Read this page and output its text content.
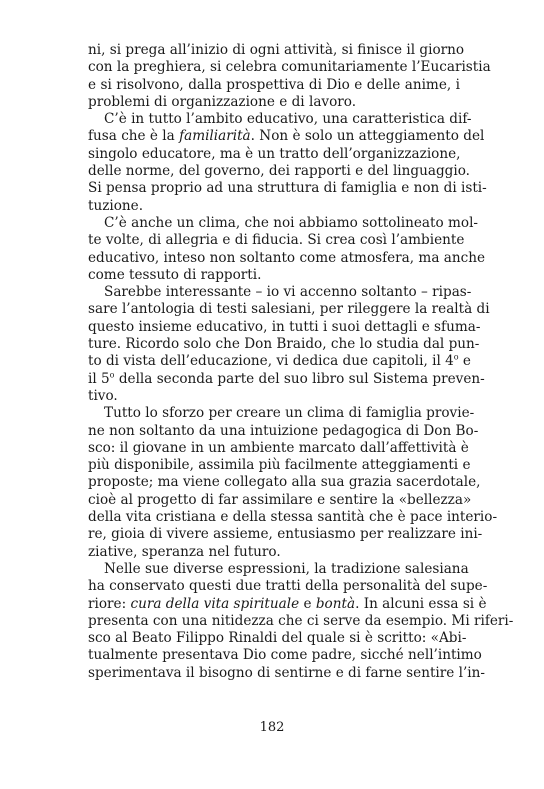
ni, si prega all’inizio di ogni attività, si finisce il giorno
con la preghiera, si celebra comunitariamente l’Eucaristia
e si risolvono, dalla prospettiva di Dio e delle anime, i
problemi di organizzazione e di lavoro.
C’è in tutto l’ambito educativo, una caratteristica dif-
fusa che è la familiarità. Non è solo un atteggiamento del
singolo educatore, ma è un tratto dell’organizzazione,
delle norme, del governo, dei rapporti e del linguaggio.
Si pensa proprio ad una struttura di famiglia e non di isti-
tuzione.
C’è anche un clima, che noi abbiamo sottolineato mol-
te volte, di allegria e di fiducia. Si crea così l’ambiente
educativo, inteso non soltanto come atmosfera, ma anche
come tessuto di rapporti.
Sarebbe interessante – io vi accenno soltanto – ripas-
sare l’antologia di testi salesiani, per rileggere la realtà di
questo insieme educativo, in tutti i suoi dettagli e sfuma-
ture. Ricordo solo che Don Braido, che lo studia dal pun-
to di vista dell’educazione, vi dedica due capitoli, il 4$^o$ e
il 5$^o$ della seconda parte del suo libro sul Sistema preven-
tivo.
Tutto lo sforzo per creare un clima di famiglia provie-
ne non soltanto da una intuizione pedagogica di Don Bo-
sco: il giovane in un ambiente marcato dall’affettività è
più disponibile, assimila più facilmente atteggiamenti e
proposte; ma viene collegato alla sua grazia sacerdotale,
cioè al progetto di far assimilare e sentire la «bellezza»
della vita cristiana e della stessa santità che è pace interio-
re, gioia di vivere assieme, entusiasmo per realizzare ini-
ziative, speranza nel futuro.
Nelle sue diverse espressioni, la tradizione salesiana
ha conservato questi due tratti della personalità del supe-
riore: cura della vita spirituale e bontà. In alcuni essa si è
presenta con una nitidezza che ci serve da esempio. Mi riferi-
sco al Beato Filippo Rinaldi del quale si è scritto: «Abi-
tualmente presentava Dio come padre, sicché nell’intimo
sperimentava il bisogno di sentirne e di farne sentire l’in-
182
